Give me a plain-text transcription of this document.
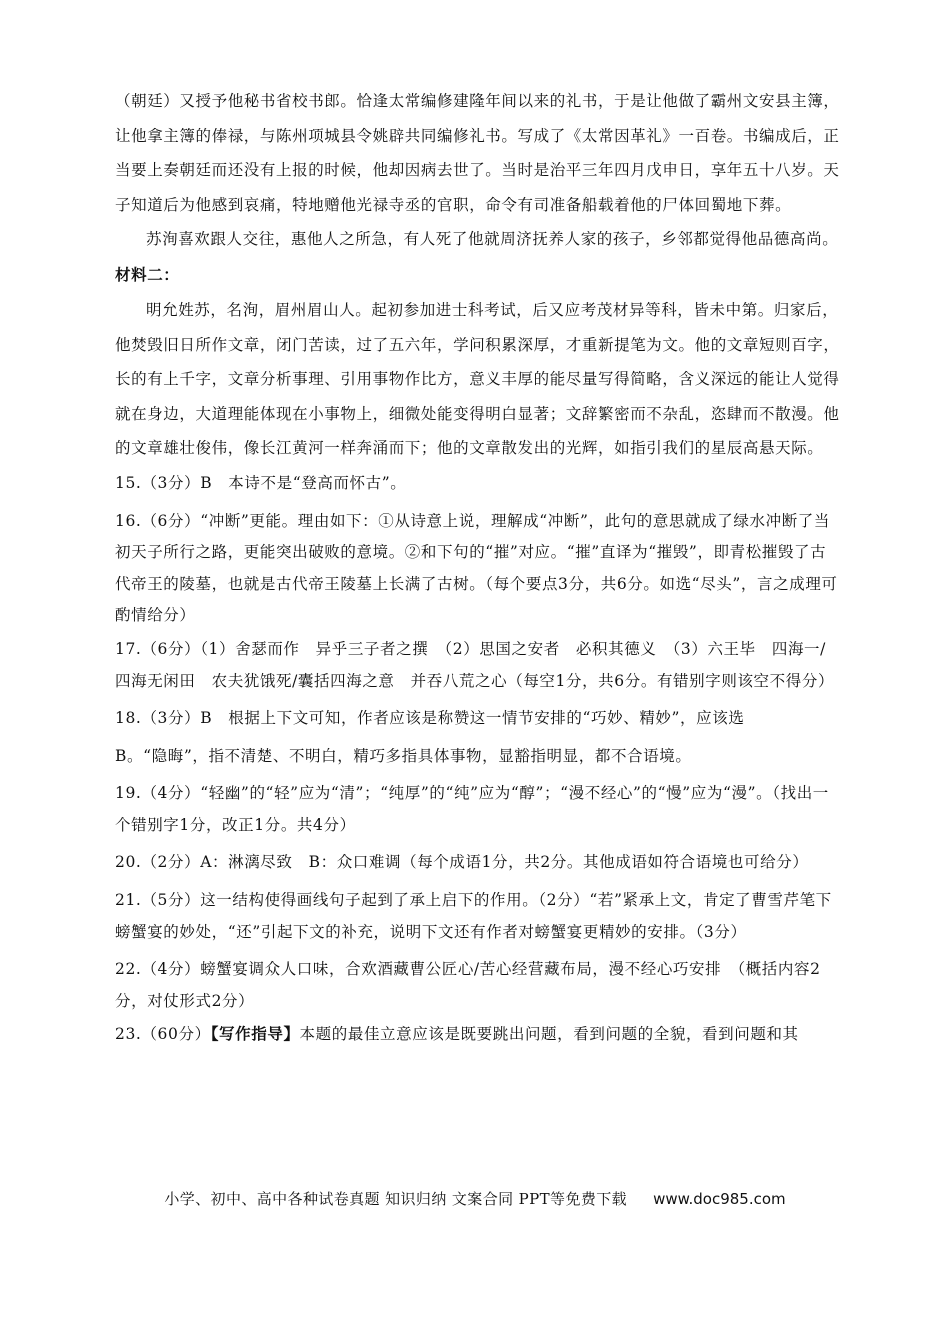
（朝廷）又授予他秘书省校书郎。恰逢太常编修建隆年间以来的礼书，于是让他做了霸州文安县主簿，让他拿主簿的俸禄，与陈州项城县令姚辟共同编修礼书。写成了《太常因革礼》一百卷。书编成后，正当要上奏朝廷而还没有上报的时候，他却因病去世了。当时是治平三年四月戊申日，享年五十八岁。天子知道后为他感到哀痛，特地赠他光禄寺丞的官职，命令有司准备船载着他的尸体回蜀地下葬。

苏洵喜欢跟人交往，惠他人之所急，有人死了他就周济抚养人家的孩子，乡邻都觉得他品德高尚。

材料二：

明允姓苏，名洵，眉州眉山人。起初参加进士科考试，后又应考茂材异等科，皆未中第。归家后，他焚毁旧日所作文章，闭门苦读，过了五六年，学问积累深厚，才重新提笔为文。他的文章短则百字，长的有上千字，文章分析事理、引用事物作比方，意义丰厚的能尽量写得简略，含义深远的能让人觉得就在身边，大道理能体现在小事物上，细微处能变得明白显著；文辞繁密而不杂乱，恣肆而不散漫。他的文章雄壮俊伟，像长江黄河一样奔涌而下；他的文章散发出的光辉，如指引我们的星辰高悬天际。

15.（3分）B　本诗不是“登高而怀古”。

16.（6分）“冲断”更能。理由如下：①从诗意上说，理解成“冲断”，此句的意思就成了绿水冲断了当初天子所行之路，更能突出破败的意境。②和下句的“摧”对应。“摧”直译为“摧毁”，即青松摧毁了古代帝王的陵墓，也就是古代帝王陵墓上长满了古树。（每个要点3分，共6分。如选“尽头”，言之成理可酌情给分）

17.（6分）（1）舍瑟而作　异乎三子者之撰　（2）思国之安者　必积其德义　（3）六王毕　四海一/四海无闲田　农夫犹饿死/囊括四海之意　并吞八荒之心（每空1分，共6分。有错别字则该空不得分）

18.（3分）B　根据上下文可知，作者应该是称赞这一情节安排的“巧妙、精妙”，应该选

B。“隐晦”，指不清楚、不明白，精巧多指具体事物，显豁指明显，都不合语境。

19.（4分）“轻幽”的“轻”应为“清”；“纯厚”的“纯”应为“醇”；“漫不经心”的“慢”应为“漫”。（找出一个错别字1分，改正1分。共4分）

20.（2分）A：淋漓尽致　B：众口难调（每个成语1分，共2分。其他成语如符合语境也可给分）

21.（5分）这一结构使得画线句子起到了承上启下的作用。（2分）“若”紧承上文，肯定了曹雪芹笔下螃蟹宴的妙处，“还”引起下文的补充，说明下文还有作者对螃蟹宴更精妙的安排。（3分）

22.（4分）螃蟹宴调众人口味，合欢酒藏曹公匠心/苦心经营藏布局，漫不经心巧安排　（概括内容2分，对仗形式2分）

23.（60分）【写作指导】本题的最佳立意应该是既要跳出问题，看到问题的全貌，看到问题和其

小学、初中、高中各种试卷真题 知识归纳 文案合同 PPT等免费下载 www.doc985.com
